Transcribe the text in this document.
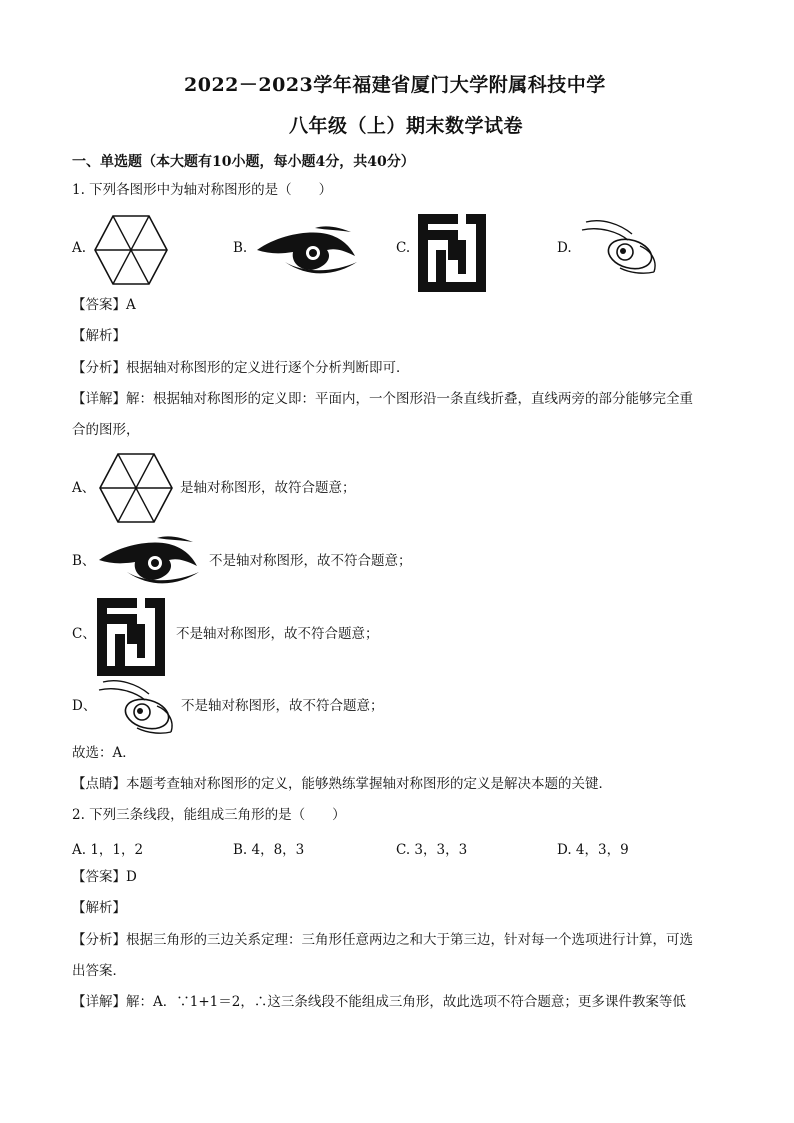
2022－2023学年福建省厦门大学附属科技中学
八年级（上）期末数学试卷
一、单选题（本大题有10小题，每小题4分，共40分）
1. 下列各图形中为轴对称图形的是（　　）
A.	B.	C.	D.
【答案】A
【解析】
【分析】根据轴对称图形的定义进行逐个分析判断即可．
【详解】解：根据轴对称图形的定义即：平面内，一个图形沿一条直线折叠，直线两旁的部分能够完全重
合的图形，
A、	是轴对称图形，故符合题意；
B、	不是轴对称图形，故不符合题意；
C、	不是轴对称图形，故不符合题意；
D、	不是轴对称图形，故不符合题意；
故选：A．
【点睛】本题考查轴对称图形的定义，能够熟练掌握轴对称图形的定义是解决本题的关键．
2. 下列三条线段，能组成三角形的是（　　）
A. 1，1，2	B. 4，8，3	C. 3，3，3	D. 4，3，9
【答案】D
【解析】
【分析】根据三角形的三边关系定理：三角形任意两边之和大于第三边，针对每一个选项进行计算，可选
出答案．
【详解】解：A．∵1+1＝2，∴这三条线段不能组成三角形，故此选项不符合题意；更多课件教案等低
